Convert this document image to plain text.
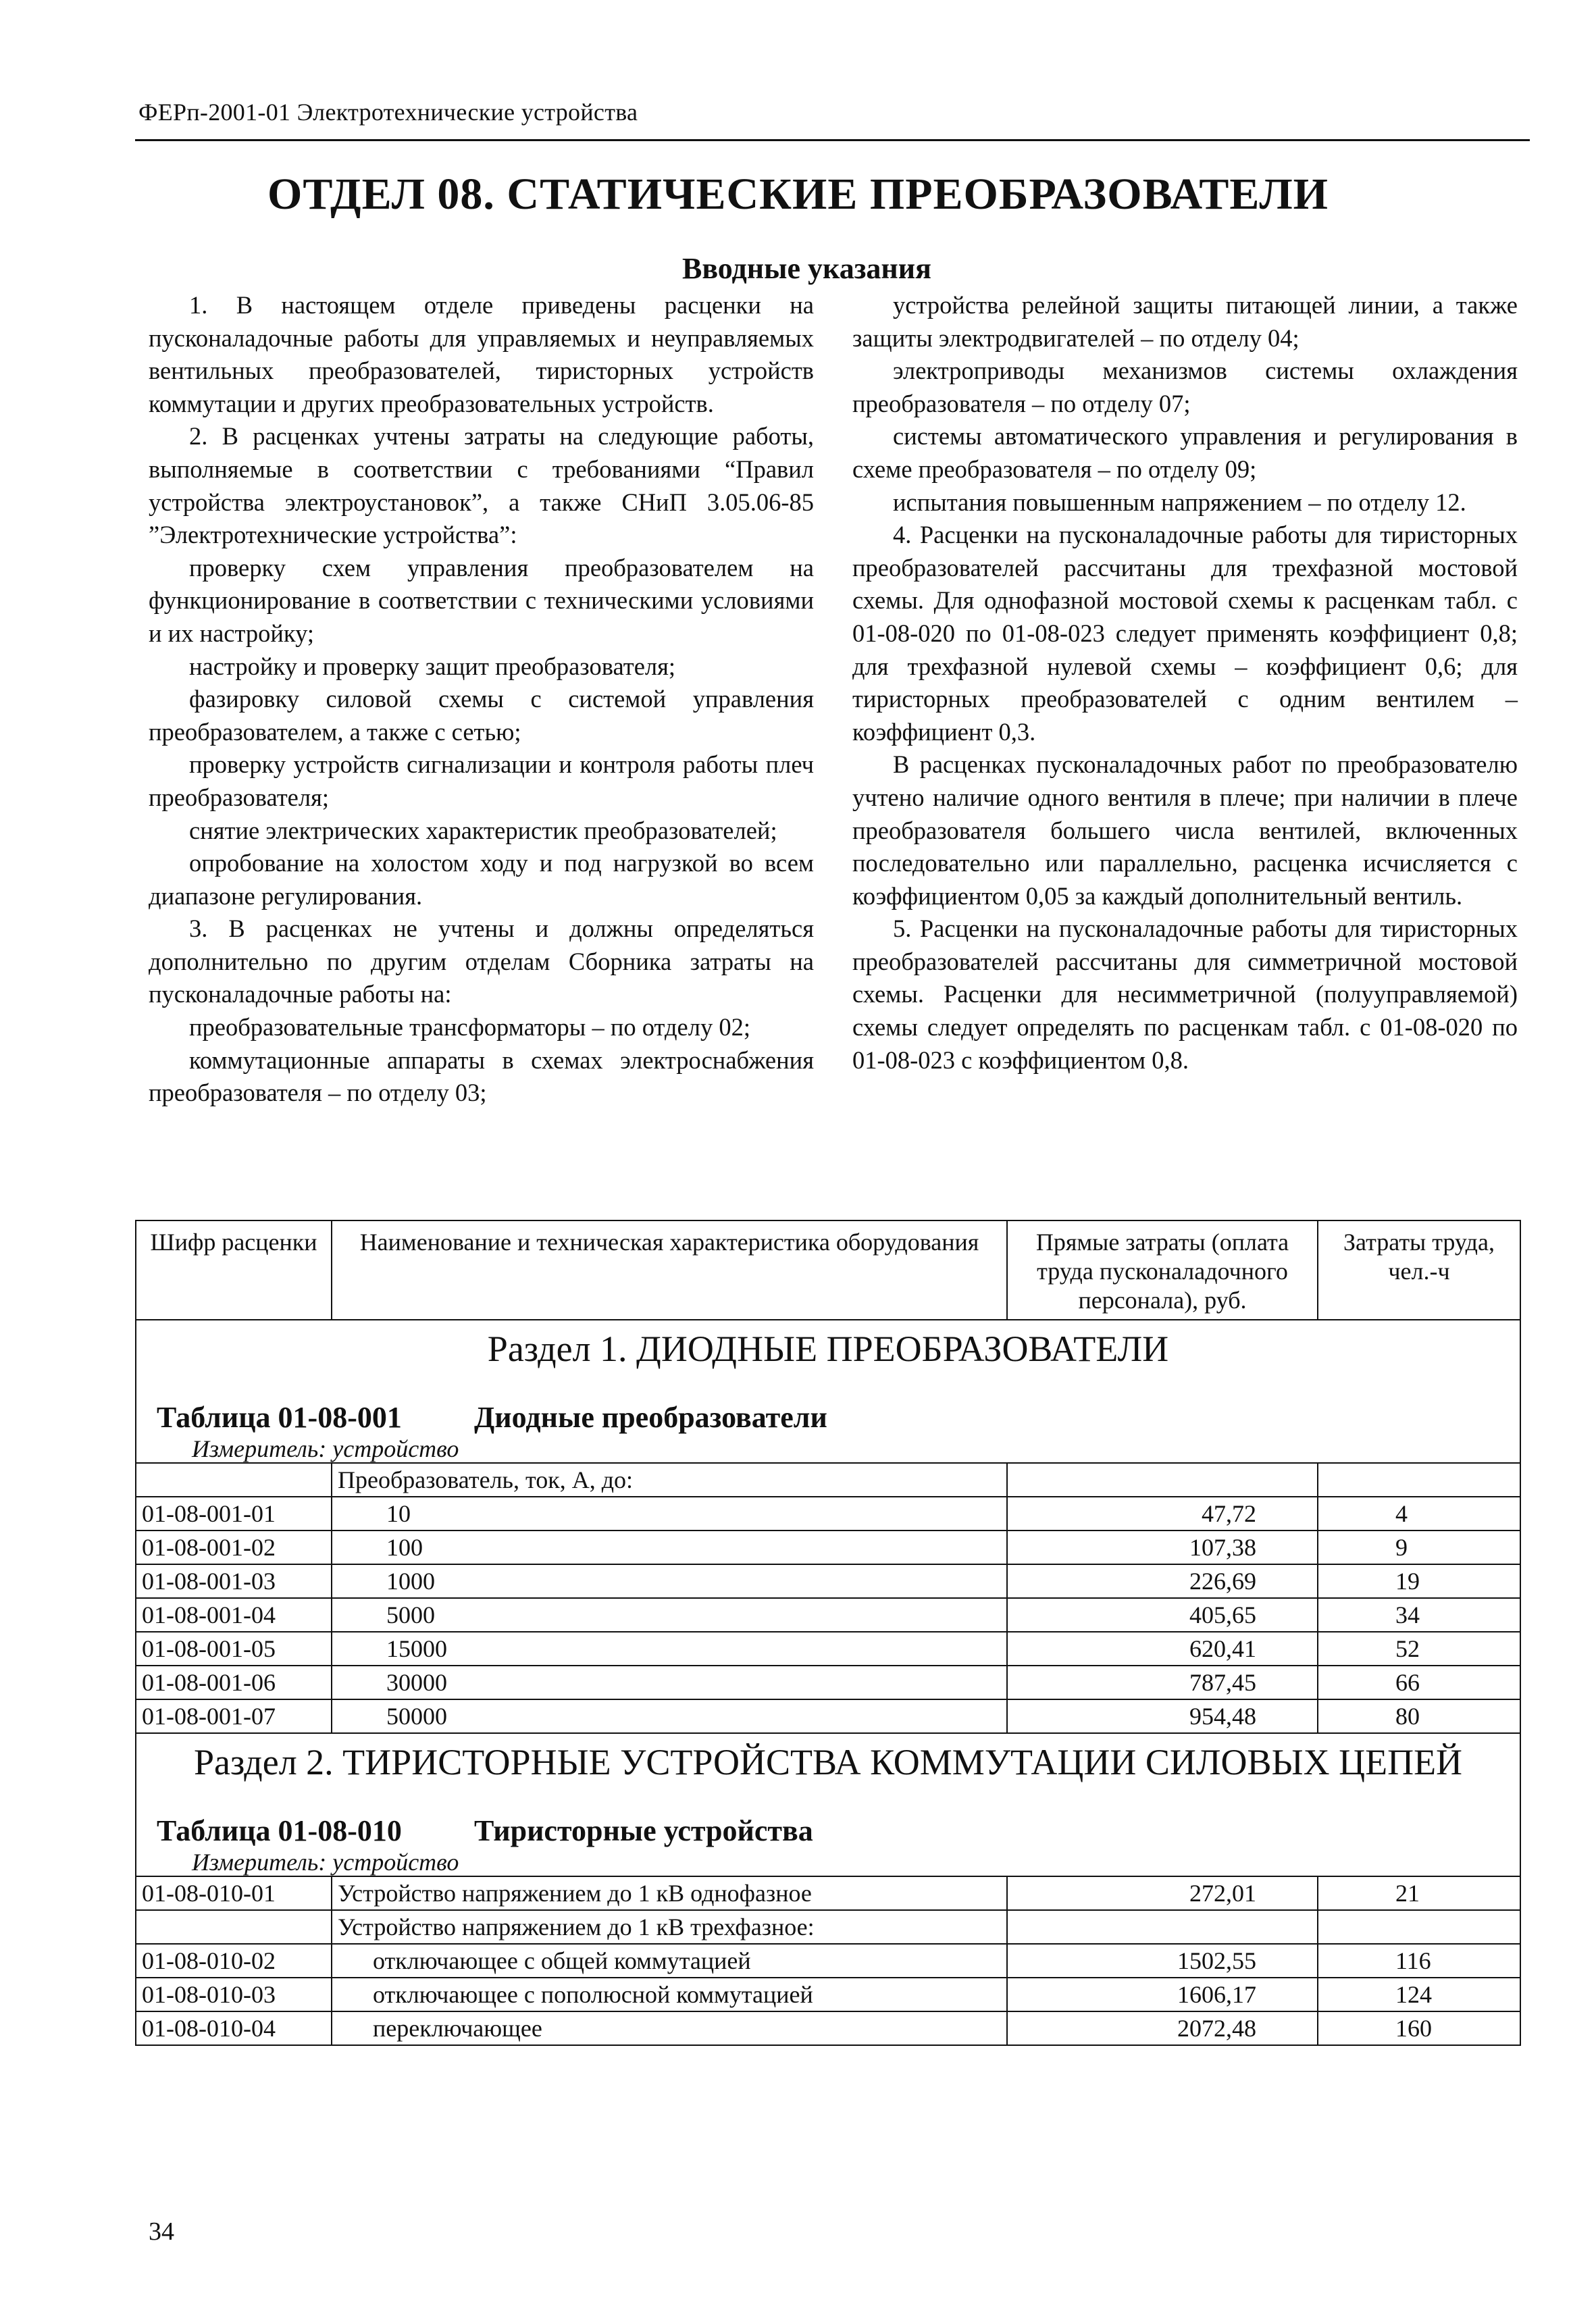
ФЕРп-2001-01 Электротехнические устройства
ОТДЕЛ 08. СТАТИЧЕСКИЕ ПРЕОБРАЗОВАТЕЛИ
Вводные указания

1. В настоящем отделе приведены расценки на пусконаладочные работы для управляемых и неуправляемых вентильных преобразователей, тиристорных устройств коммутации и других преобразовательных устройств.

2. В расценках учтены затраты на следующие работы, выполняемые в соответствии с требованиями “Правил устройства электроустановок”, а также СНиП 3.05.06-85 ”Электротехнические устройства”:

проверку схем управления преобразователем на функционирование в соответствии с техническими условиями и их настройку;

настройку и проверку защит преобразователя;

фазировку силовой схемы с системой управления преобразователем, а также с сетью;

проверку устройств сигнализации и контроля работы плеч преобразователя;

снятие электрических характеристик преобразователей;

опробование на холостом ходу и под нагрузкой во всем диапазоне регулирования.

3. В расценках не учтены и должны определяться дополнительно по другим отделам Сборника затраты на пусконаладочные работы на:

преобразовательные трансформаторы – по отделу 02;

коммутационные аппараты в схемах электроснабжения преобразователя – по отделу 03;

устройства релейной защиты питающей линии, а также защиты электродвигателей – по отделу 04;

электроприводы механизмов системы охлаждения преобразователя – по отделу 07;

системы автоматического управления и регулирования в схеме преобразователя – по отделу 09;

испытания повышенным напряжением – по отделу 12.

4. Расценки на пусконаладочные работы для тиристорных преобразователей рассчитаны для трехфазной мостовой схемы. Для однофазной мостовой схемы к расценкам табл. с 01-08-020 по 01-08-023 следует применять коэффициент 0,8; для трехфазной нулевой схемы – коэффициент 0,6; для тиристорных преобразователей с одним вентилем – коэффициент 0,3.

В расценках пусконаладочных работ по преобразователю учтено наличие одного вентиля в плече; при наличии в плече преобразователя большего числа вентилей, включенных последовательно или параллельно, расценка исчисляется с коэффициентом 0,05 за каждый дополнительный вентиль.

5. Расценки на пусконаладочные работы для тиристорных преобразователей рассчитаны для симметричной мостовой схемы. Расценки для несимметричной (полууправляемой) схемы следует определять по расценкам табл. с 01-08-020 по 01-08-023 с коэффициентом 0,8.

Шифр расценки	Наименование и техническая характеристика оборудования	Прямые затраты (оплата труда пусконаладочного персонала), руб.	Затраты труда, чел.-ч

Раздел 1. ДИОДНЫЕ ПРЕОБРАЗОВАТЕЛИ
Таблица 01-08-001 Диодные преобразователи
Измеритель: устройство			

	Преобразователь, ток, А, до:		
01-08-001-01	10	47,72	4
01-08-001-02	100	107,38	9
01-08-001-03	1000	226,69	19
01-08-001-04	5000	405,65	34
01-08-001-05	15000	620,41	52
01-08-001-06	30000	787,45	66
01-08-001-07	50000	954,48	80

Раздел 2. ТИРИСТОРНЫЕ УСТРОЙСТВА КОММУТАЦИИ СИЛОВЫХ ЦЕПЕЙ
Таблица 01-08-010 Тиристорные устройства
Измеритель: устройство			

01-08-010-01	Устройство напряжением до 1 кВ однофазное	272,01	21
	Устройство напряжением до 1 кВ трехфазное:		
01-08-010-02	отключающее с общей коммутацией	1502,55	116
01-08-010-03	отключающее с пополюсной коммутацией	1606,17	124
01-08-010-04	переключающее	2072,48	160
34
